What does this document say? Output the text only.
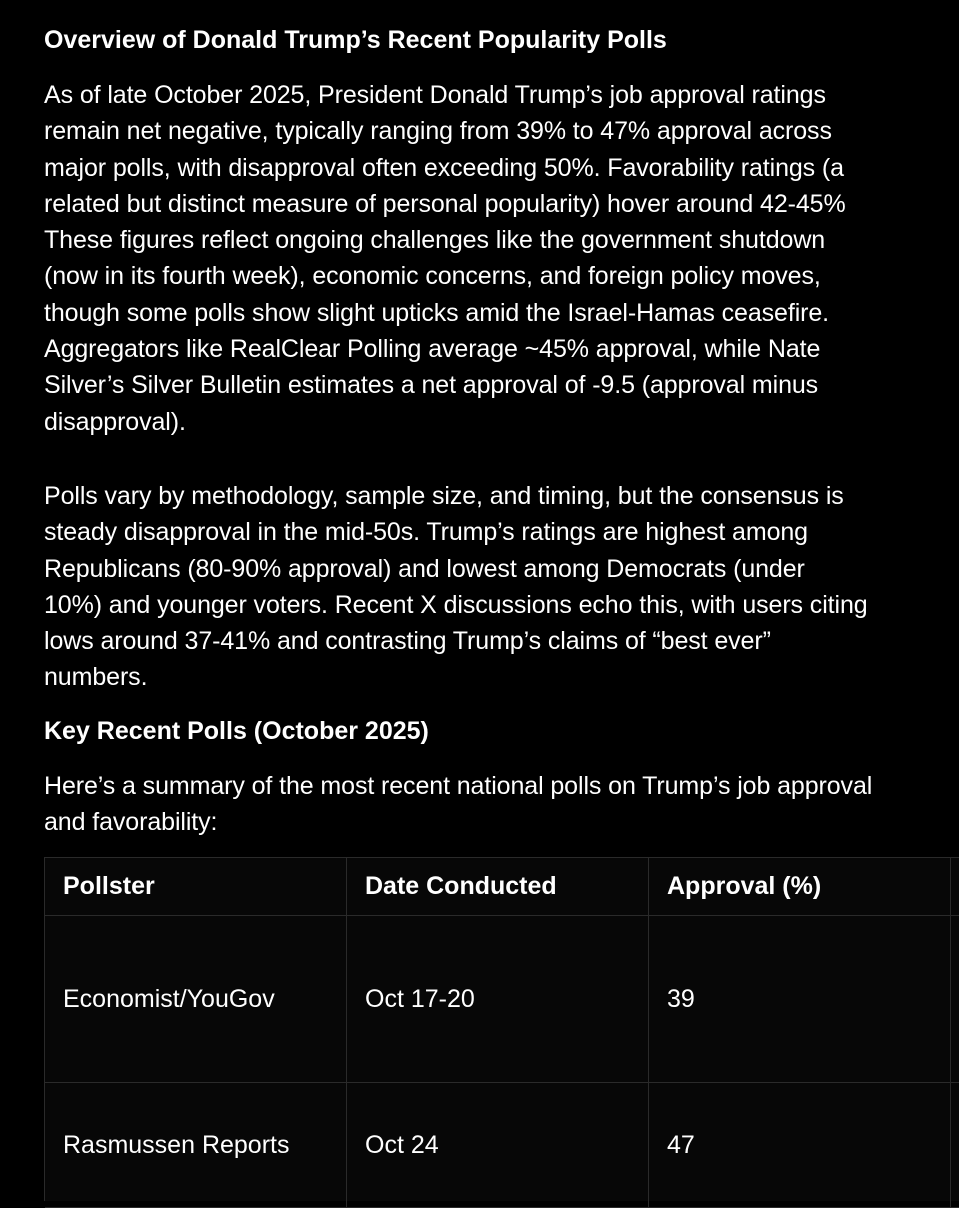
Overview of Donald Trump’s Recent Popularity Polls

As of late October 2025, President Donald Trump’s job approval ratings
remain net negative, typically ranging from 39% to 47% approval across
major polls, with disapproval often exceeding 50%. Favorability ratings (a
related but distinct measure of personal popularity) hover around 42-45%
These figures reflect ongoing challenges like the government shutdown
(now in its fourth week), economic concerns, and foreign policy moves,
though some polls show slight upticks amid the Israel-Hamas ceasefire.
Aggregators like RealClear Polling average ~45% approval, while Nate
Silver’s Silver Bulletin estimates a net approval of -9.5 (approval minus
disapproval).

Polls vary by methodology, sample size, and timing, but the consensus is
steady disapproval in the mid-50s. Trump’s ratings are highest among
Republicans (80-90% approval) and lowest among Democrats (under
10%) and younger voters. Recent X discussions echo this, with users citing
lows around 37-41% and contrasting Trump’s claims of “best ever”
numbers.

Key Recent Polls (October 2025)

Here’s a summary of the most recent national polls on Trump’s job approval
and favorability:

Pollster	Date Conducted	Approval (%)
Economist/YouGov	Oct 17-20	39
Rasmussen Reports	Oct 24	47
